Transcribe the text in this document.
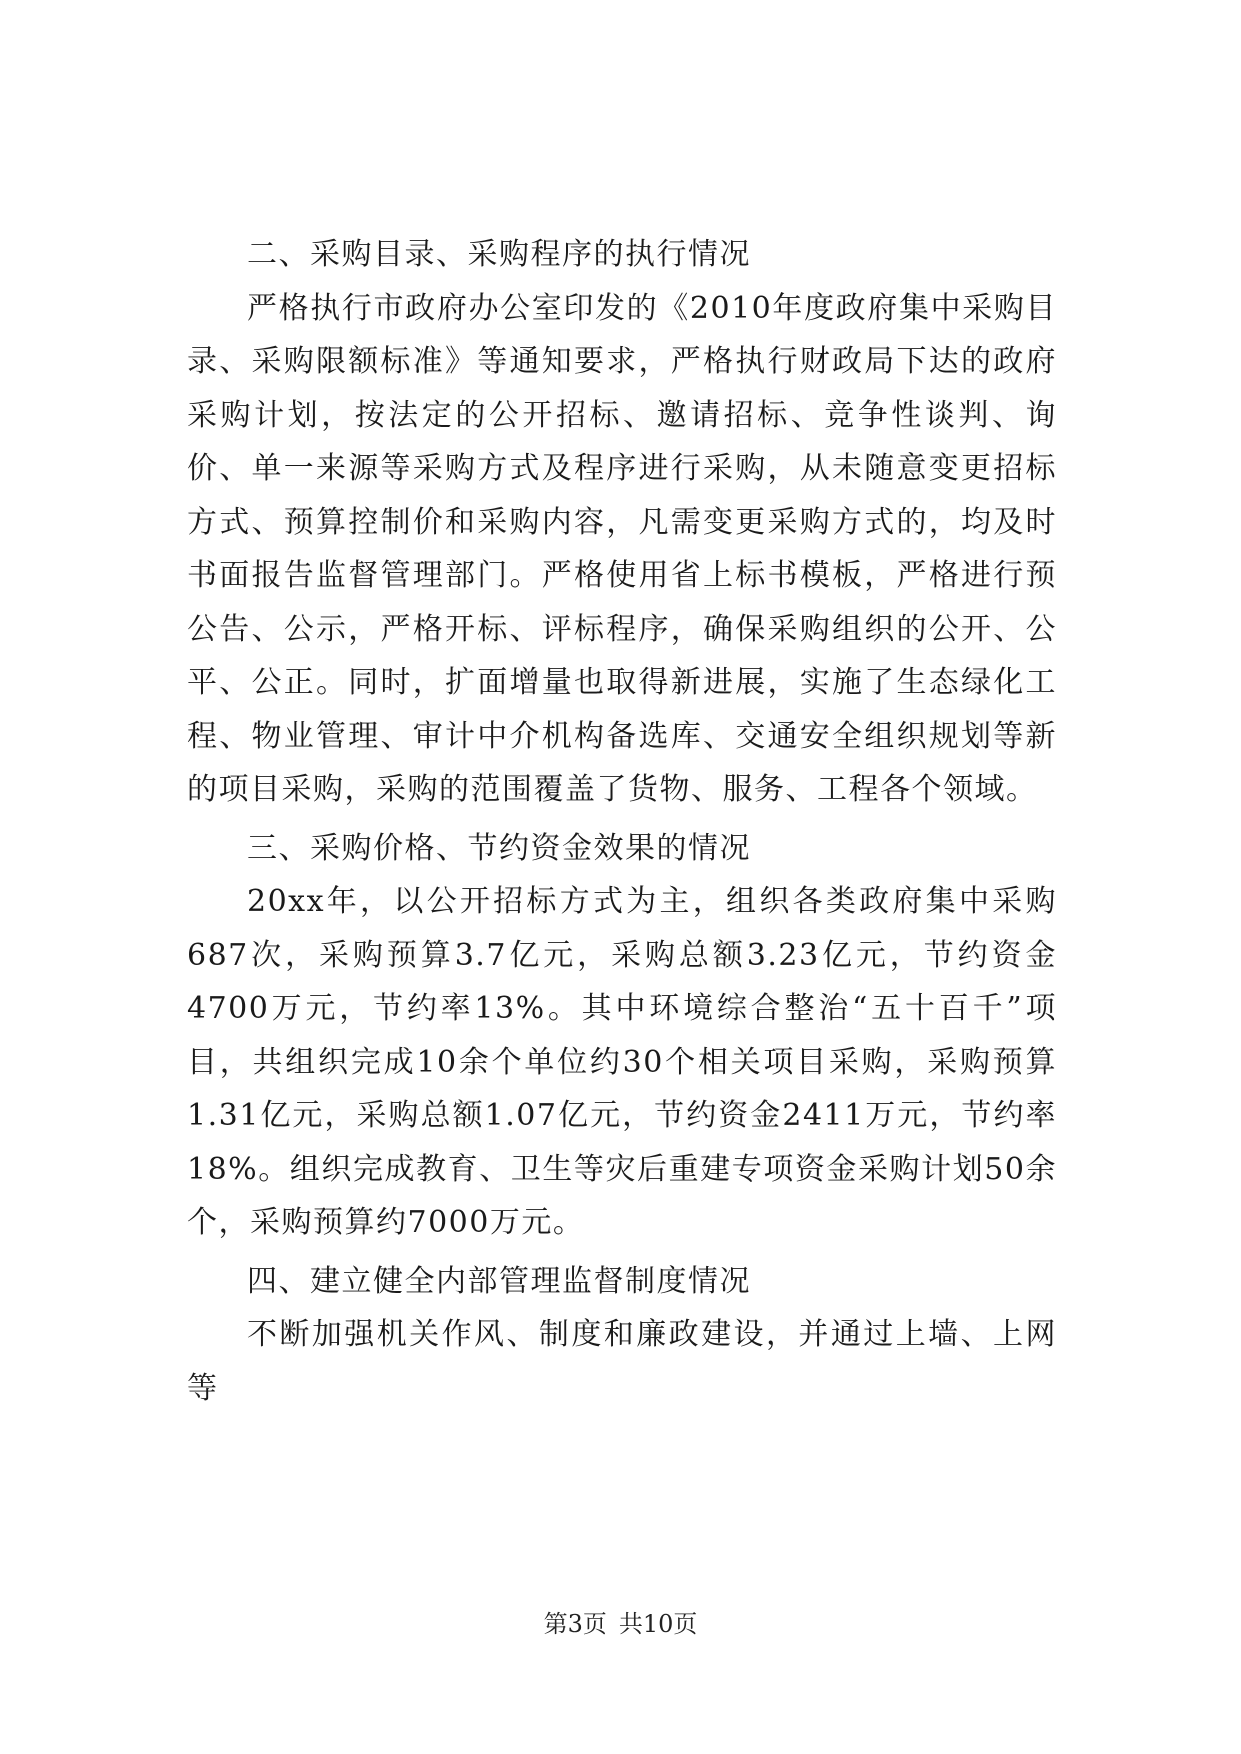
二、采购目录、采购程序的执行情况

严格执行市政府办公室印发的《2010年度政府集中采购目录、采购限额标准》等通知要求，严格执行财政局下达的政府采购计划，按法定的公开招标、邀请招标、竞争性谈判、询价、单一来源等采购方式及程序进行采购，从未随意变更招标方式、预算控制价和采购内容，凡需变更采购方式的，均及时书面报告监督管理部门。严格使用省上标书模板，严格进行预公告、公示，严格开标、评标程序，确保采购组织的公开、公平、公正。同时，扩面增量也取得新进展，实施了生态绿化工程、物业管理、审计中介机构备选库、交通安全组织规划等新的项目采购，采购的范围覆盖了货物、服务、工程各个领域。

三、采购价格、节约资金效果的情况

20xx年，以公开招标方式为主，组织各类政府集中采购687次，采购预算3.7亿元，采购总额3.23亿元，节约资金4700万元，节约率13%。其中环境综合整治“五十百千”项目，共组织完成10余个单位约30个相关项目采购，采购预算1.31亿元，采购总额1.07亿元，节约资金2411万元，节约率18%。组织完成教育、卫生等灾后重建专项资金采购计划50余个，采购预算约7000万元。

四、建立健全内部管理监督制度情况

不断加强机关作风、制度和廉政建设，并通过上墙、上网等

第3页 共10页
